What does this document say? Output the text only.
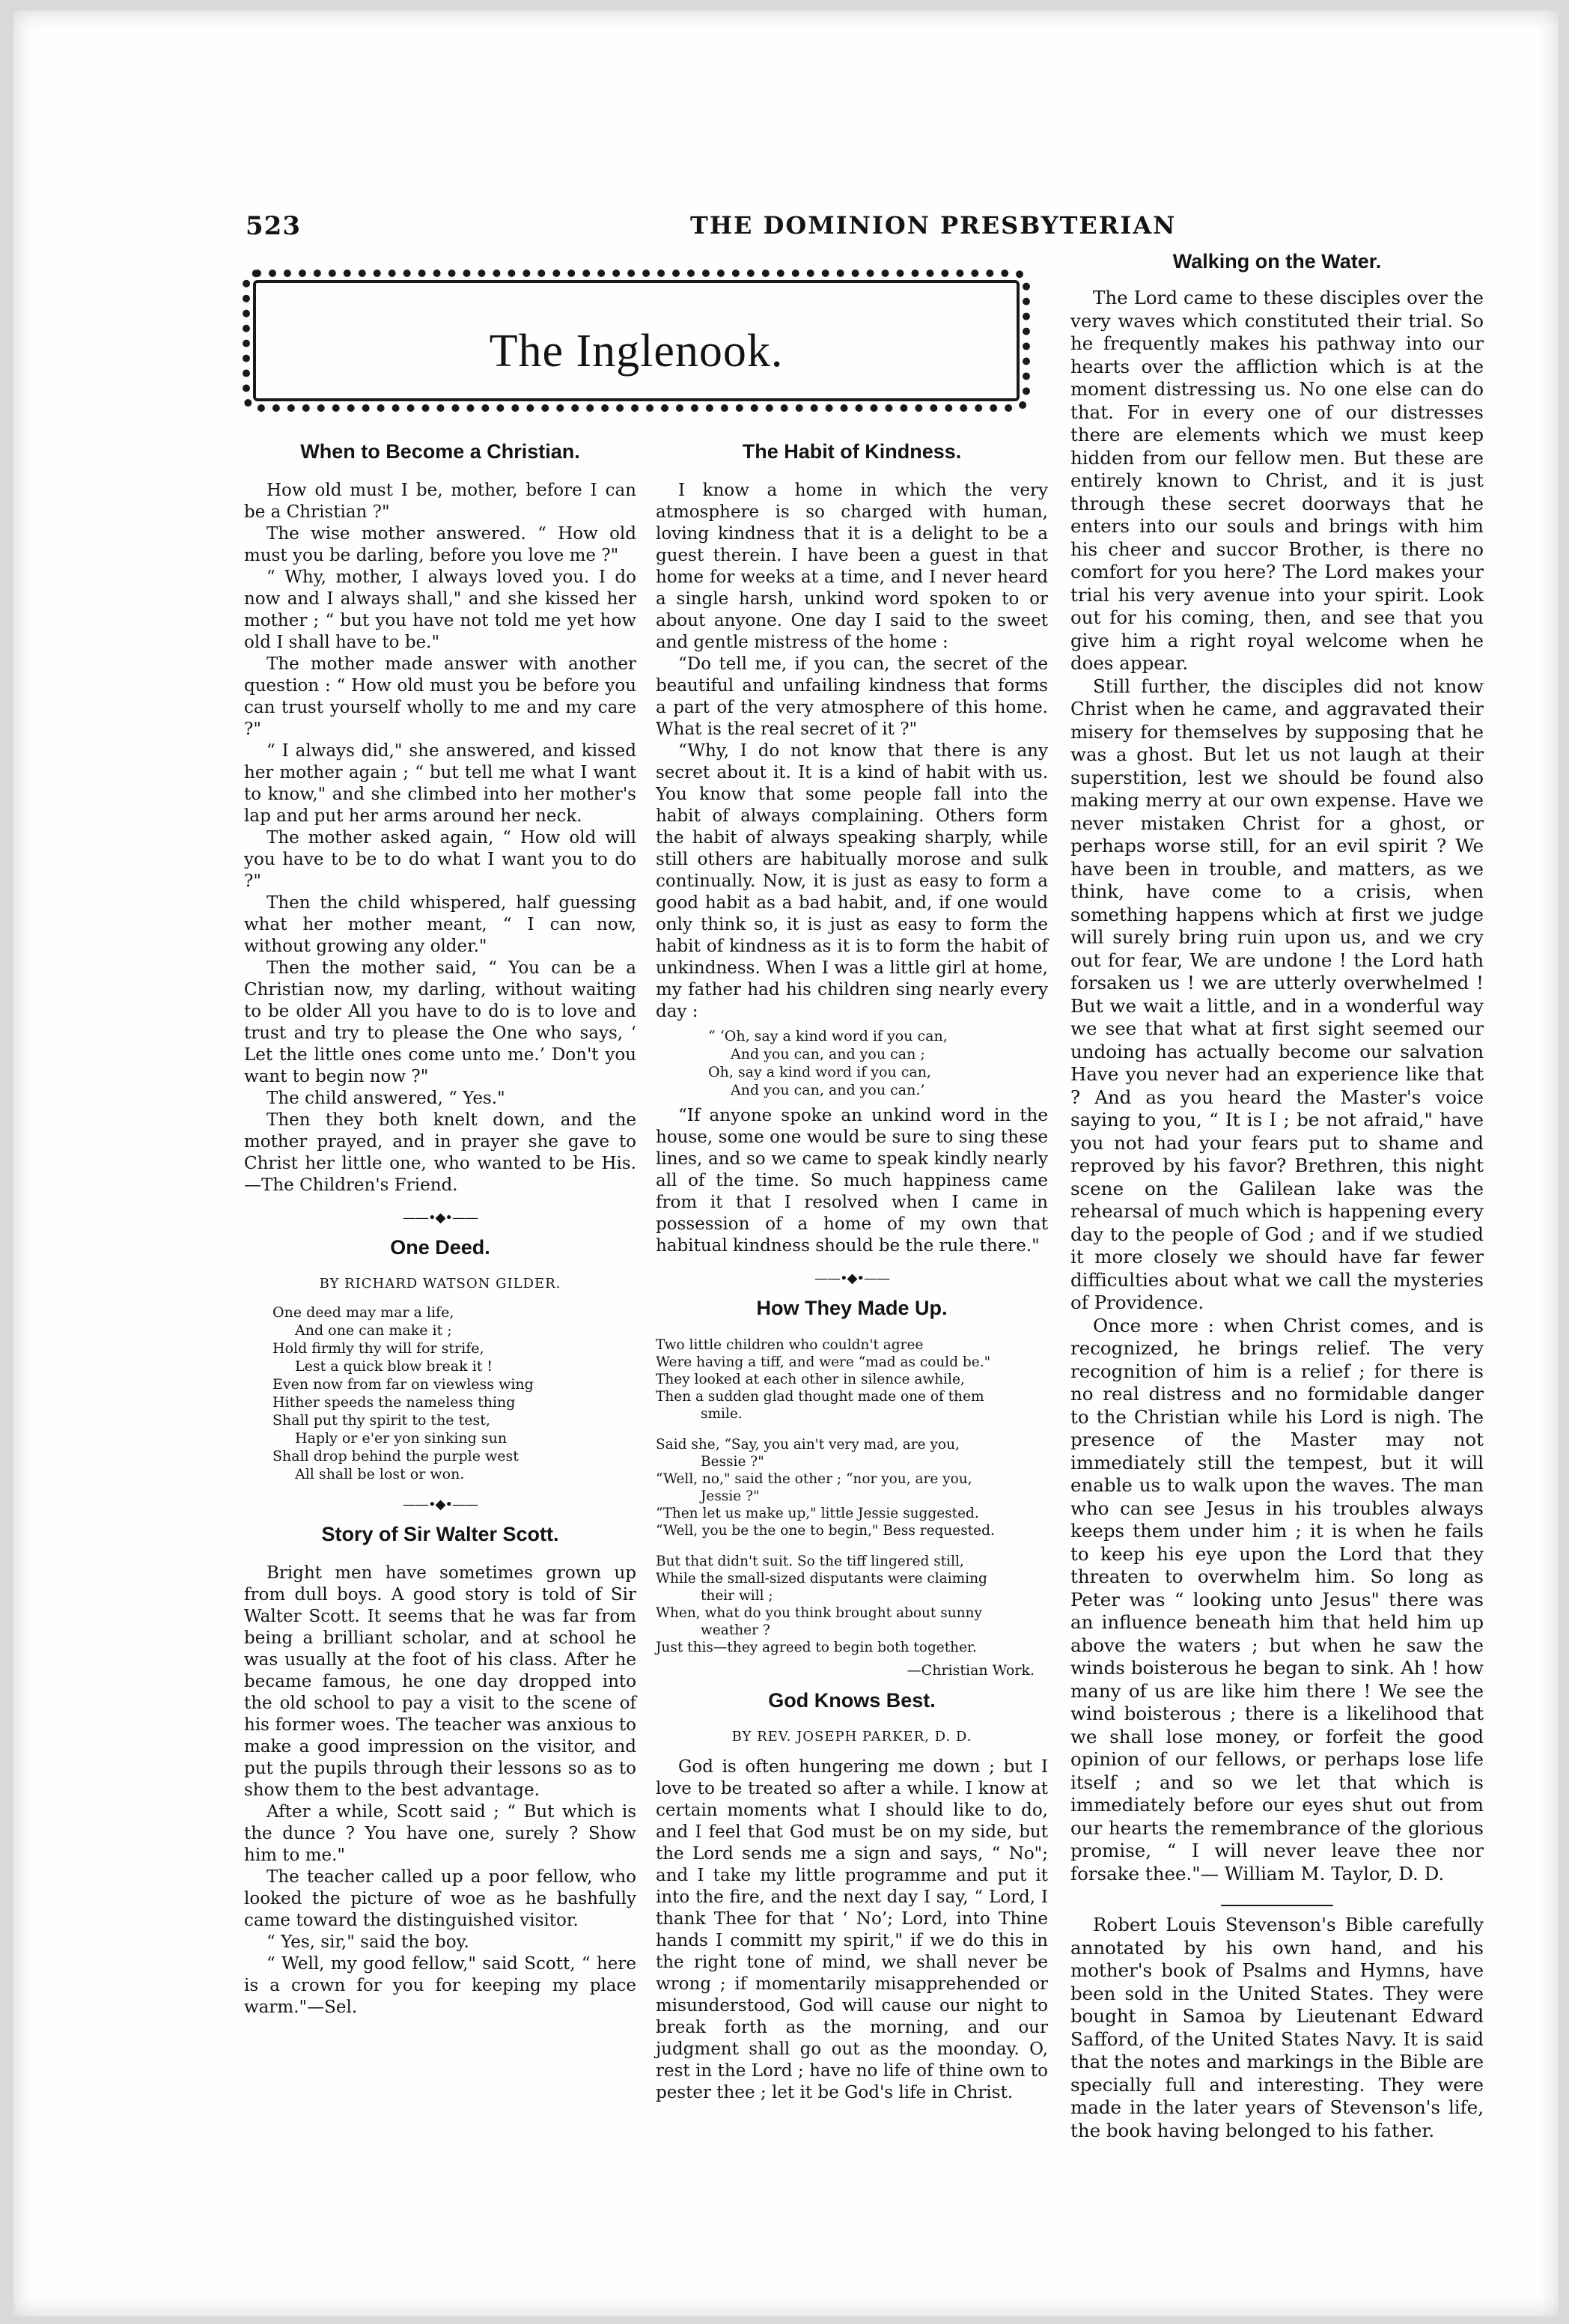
523	THE DOMINION PRESBYTERIAN
The Inglenook.
When to Become a Christian.

How old must I be, mother, before I can be a Christian ?"

The wise mother answered. “ How old must you be darling, before you love me ?"

“ Why, mother, I always loved you. I do now and I always shall," and she kissed her mother ; “ but you have not told me yet how old I shall have to be."

The mother made answer with another question : “ How old must you be before you can trust yourself wholly to me and my care ?"

“ I always did," she answered, and kissed her mother again ; “ but tell me what I want to know," and she climbed into her mother's lap and put her arms around her neck.

The mother asked again, “ How old will you have to be to do what I want you to do ?"

Then the child whispered, half guessing what her mother meant, “ I can now, without growing any older."

Then the mother said, “ You can be a Christian now, my darling, without waiting to be older All you have to do is to love and trust and try to please the One who says, ‘ Let the little ones come unto me.’ Don't you want to begin now ?"

The child answered, “ Yes."

Then they both knelt down, and the mother prayed, and in prayer she gave to Christ her little one, who wanted to be His.—The Children's Friend.

——•◆•——
One Deed.
BY RICHARD WATSON GILDER.
One deed may mar a life,
And one can make it ;
Hold firmly thy will for strife,
Lest a quick blow break it !
Even now from far on viewless wing
Hither speeds the nameless thing
Shall put thy spirit to the test,
Haply or e'er yon sinking sun
Shall drop behind the purple west
All shall be lost or won.
——•◆•——
Story of Sir Walter Scott.

Bright men have sometimes grown up from dull boys. A good story is told of Sir Walter Scott. It seems that he was far from being a brilliant scholar, and at school he was usually at the foot of his class. After he became famous, he one day dropped into the old school to pay a visit to the scene of his former woes. The teacher was anxious to make a good impression on the visitor, and put the pupils through their lessons so as to show them to the best advantage.

After a while, Scott said ; “ But which is the dunce ? You have one, surely ? Show him to me."

The teacher called up a poor fellow, who looked the picture of woe as he bashfully came toward the distinguished visitor.

“ Yes, sir," said the boy.

“ Well, my good fellow," said Scott, “ here is a crown for you for keeping my place warm."—Sel.

The Habit of Kindness.

I know a home in which the very atmosphere is so charged with human, loving kindness that it is a delight to be a guest therein. I have been a guest in that home for weeks at a time, and I never heard a single harsh, unkind word spoken to or about anyone. One day I said to the sweet and gentle mistress of the home :

“Do tell me, if you can, the secret of the beautiful and unfailing kindness that forms a part of the very atmosphere of this home. What is the real secret of it ?"

“Why, I do not know that there is any secret about it. It is a kind of habit with us. You know that some people fall into the habit of always complaining. Others form the habit of always speaking sharply, while still others are habitually morose and sulk continually. Now, it is just as easy to form a good habit as a bad habit, and, if one would only think so, it is just as easy to form the habit of kindness as it is to form the habit of unkindness. When I was a little girl at home, my father had his children sing nearly every day :

“ ‘Oh, say a kind word if you can,
And you can, and you can ;
Oh, say a kind word if you can,
And you can, and you can.’

“If anyone spoke an unkind word in the house, some one would be sure to sing these lines, and so we came to speak kindly nearly all of the time. So much happiness came from it that I resolved when I came in possession of a home of my own that habitual kindness should be the rule there."

——•◆•——
How They Made Up.
Two little children who couldn't agree
Were having a tiff, and were “mad as could be."
They looked at each other in silence awhile,
Then a sudden glad thought made one of them
smile.
Said she, “Say, you ain't very mad, are you,
Bessie ?"
“Well, no," said the other ; “nor you, are you,
Jessie ?"
“Then let us make up," little Jessie suggested.
“Well, you be the one to begin," Bess requested.
But that didn't suit. So the tiff lingered still,
While the small-sized disputants were claiming
their will ;
When, what do you think brought about sunny
weather ?
Just this—they agreed to begin both together.
—Christian Work.
God Knows Best.
BY REV. JOSEPH PARKER, D. D.

God is often hungering me down ; but I love to be treated so after a while. I know at certain moments what I should like to do, and I feel that God must be on my side, but the Lord sends me a sign and says, “ No"; and I take my little programme and put it into the fire, and the next day I say, “ Lord, I thank Thee for that ‘ No’; Lord, into Thine hands I committ my spirit," if we do this in the right tone of mind, we shall never be wrong ; if momentarily misapprehended or misunderstood, God will cause our night to break forth as the morning, and our judgment shall go out as the moonday. O, rest in the Lord ; have no life of thine own to pester thee ; let it be God's life in Christ.

Walking on the Water.

The Lord came to these disciples over the very waves which constituted their trial. So he frequently makes his pathway into our hearts over the affliction which is at the moment distressing us. No one else can do that. For in every one of our distresses there are elements which we must keep hidden from our fellow men. But these are entirely known to Christ, and it is just through these secret doorways that he enters into our souls and brings with him his cheer and succor Brother, is there no comfort for you here? The Lord makes your trial his very avenue into your spirit. Look out for his coming, then, and see that you give him a right royal welcome when he does appear.

Still further, the disciples did not know Christ when he came, and aggravated their misery for themselves by supposing that he was a ghost. But let us not laugh at their superstition, lest we should be found also making merry at our own expense. Have we never mistaken Christ for a ghost, or perhaps worse still, for an evil spirit ? We have been in trouble, and matters, as we think, have come to a crisis, when something happens which at first we judge will surely bring ruin upon us, and we cry out for fear, We are undone ! the Lord hath forsaken us ! we are utterly overwhelmed ! But we wait a little, and in a wonderful way we see that what at first sight seemed our undoing has actually become our salvation Have you never had an experience like that ? And as you heard the Master's voice saying to you, “ It is I ; be not afraid," have you not had your fears put to shame and reproved by his favor? Brethren, this night scene on the Galilean lake was the rehearsal of much which is happening every day to the people of God ; and if we studied it more closely we should have far fewer difficulties about what we call the mysteries of Providence.

Once more : when Christ comes, and is recognized, he brings relief. The very recognition of him is a relief ; for there is no real distress and no formidable danger to the Christian while his Lord is nigh. The presence of the Master may not immediately still the tempest, but it will enable us to walk upon the waves. The man who can see Jesus in his troubles always keeps them under him ; it is when he fails to keep his eye upon the Lord that they threaten to overwhelm him. So long as Peter was “ looking unto Jesus" there was an influence beneath him that held him up above the waters ; but when he saw the winds boisterous he began to sink. Ah ! how many of us are like him there ! We see the wind boisterous ; there is a likelihood that we shall lose money, or forfeit the good opinion of our fellows, or perhaps lose life itself ; and so we let that which is immediately before our eyes shut out from our hearts the remembrance of the glorious promise, “ I will never leave thee nor forsake thee."— William M. Taylor, D. D.

Robert Louis Stevenson's Bible carefully annotated by his own hand, and his mother's book of Psalms and Hymns, have been sold in the United States. They were bought in Samoa by Lieutenant Edward Safford, of the United States Navy. It is said that the notes and markings in the Bible are specially full and interesting. They were made in the later years of Stevenson's life, the book having belonged to his father.
